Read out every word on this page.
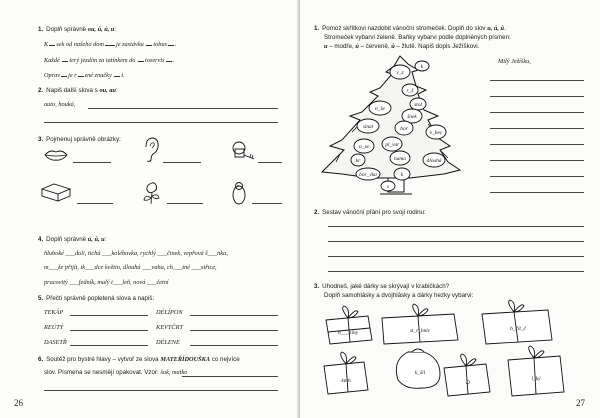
1. Doplň správně ou, ů, ú, u:
K sek od našeho dom je zastávka tobus .
Každé terý jezdím za tatínkem do toservis .
Oprav je r zné značky t.
2. Napiš další slova s ou, au:
auto, houká,
3. Pojmenuj správně obrázky:
4. Doplň správně ú, ů, u:
hluboké ___doli, tichá ___kolébavka, rychlý ___činek, vepřová š___nka,
m___že přijít, tk___dce květin, dlouhá ___vaha, ch___tné ___střice,
pracovitý ___fedník, malý t___leň, nová ___četní
5. Přečti správně popletená slova a napiš:
TEKÁP	DÉLÍPON
REÚTÝ	KEVTČRT
DASETŘ	DÉLENE
6. Soutěž pro bystré hlavy – vytvoř ze slova MATEŘÍDOUŠKA co nejvíce
slov. Písmena se nesmějí opakovat. Vzor: šok, matko
26
1. Pomoz skřítkovi nazdobit vánoční stromeček. Doplň do slov u, ú, ů.
Stromeček vybarvi zeleně. Baňky vybarvi podle doplněných písmen:
u – modře, ú – červeně, ů – žlutě. Napiš dopis Ježíškovi.
Milý Ježíšku,
v_z
k
r_ž
stol
n_še
šnek
sinat	bor
v_bec
n_se	pl_vat
kr	nama	dlouhá
bor_vka	k
s
2. Sestav vánoční přání pro svoji rodinu:
3. Uhodneš, jaké dárky se skrývají v krabičkách?
Doplň samohlásky a dvojhlásky a dárky hezky vybarvi:
h___ainy	st_r_bnic	b_čít_č
k_šil
knih	D
l_ký
27
